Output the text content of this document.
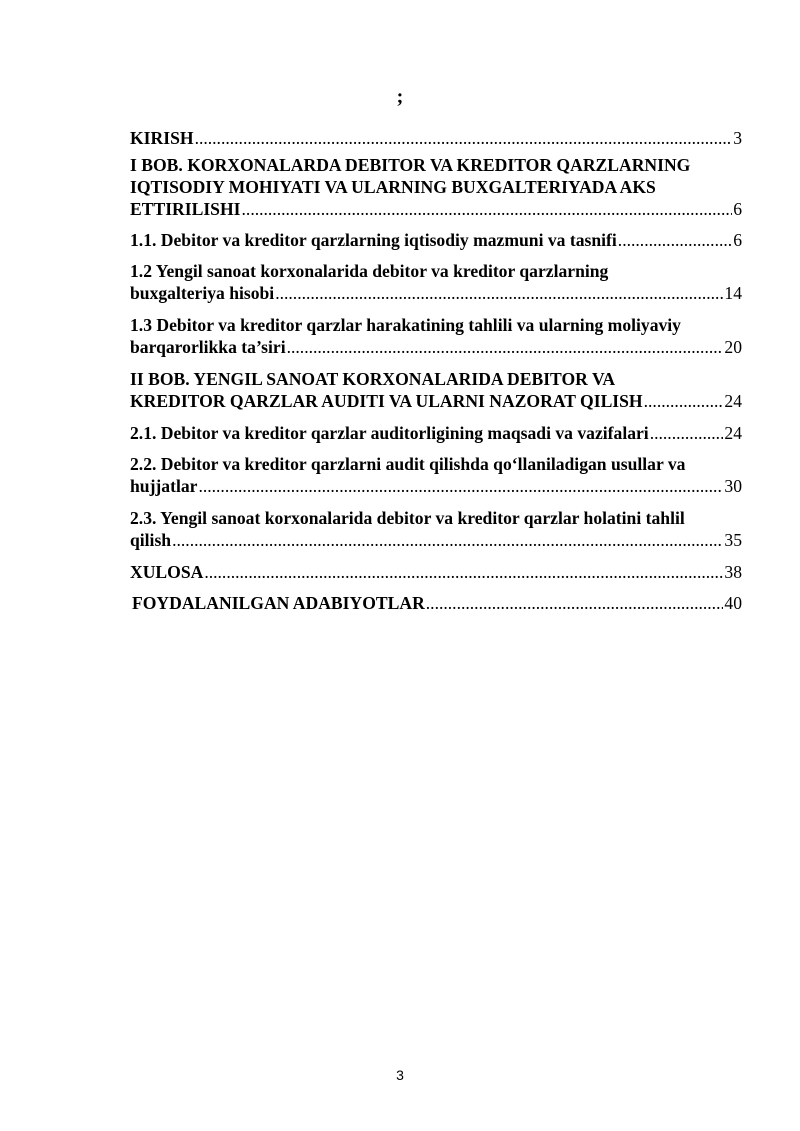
;
KIRISH .....	3
I BOB. KORXONALARDA DEBITOR VA KREDITOR QARZLARNING IQTISODIY MOHIYATI VA ULARNING BUXGALTERIYADA AKS
ETTIRILISHI .....	6
1.1. Debitor va kreditor qarzlarning iqtisodiy mazmuni va tasnifi .....	6
1.2 Yengil sanoat korxonalarida debitor va kreditor qarzlarning
buxgalteriya hisobi .....	14
1.3 Debitor va kreditor qarzlar harakatining tahlili va ularning moliyaviy
barqarorlikka ta’siri .....	20
II BOB. YENGIL SANOAT KORXONALARIDA DEBITOR VA
KREDITOR QARZLAR AUDITI VA ULARNI NAZORAT QILISH .....	24
2.1. Debitor va kreditor qarzlar auditorligining maqsadi va vazifalari .....	24
2.2. Debitor va kreditor qarzlarni audit qilishda qo‘llaniladigan usullar va
hujjatlar .....	30
2.3. Yengil sanoat korxonalarida debitor va kreditor qarzlar holatini tahlil
qilish .....	35
XULOSA .....	38
FOYDALANILGAN ADABIYOTLAR .....	40
3
